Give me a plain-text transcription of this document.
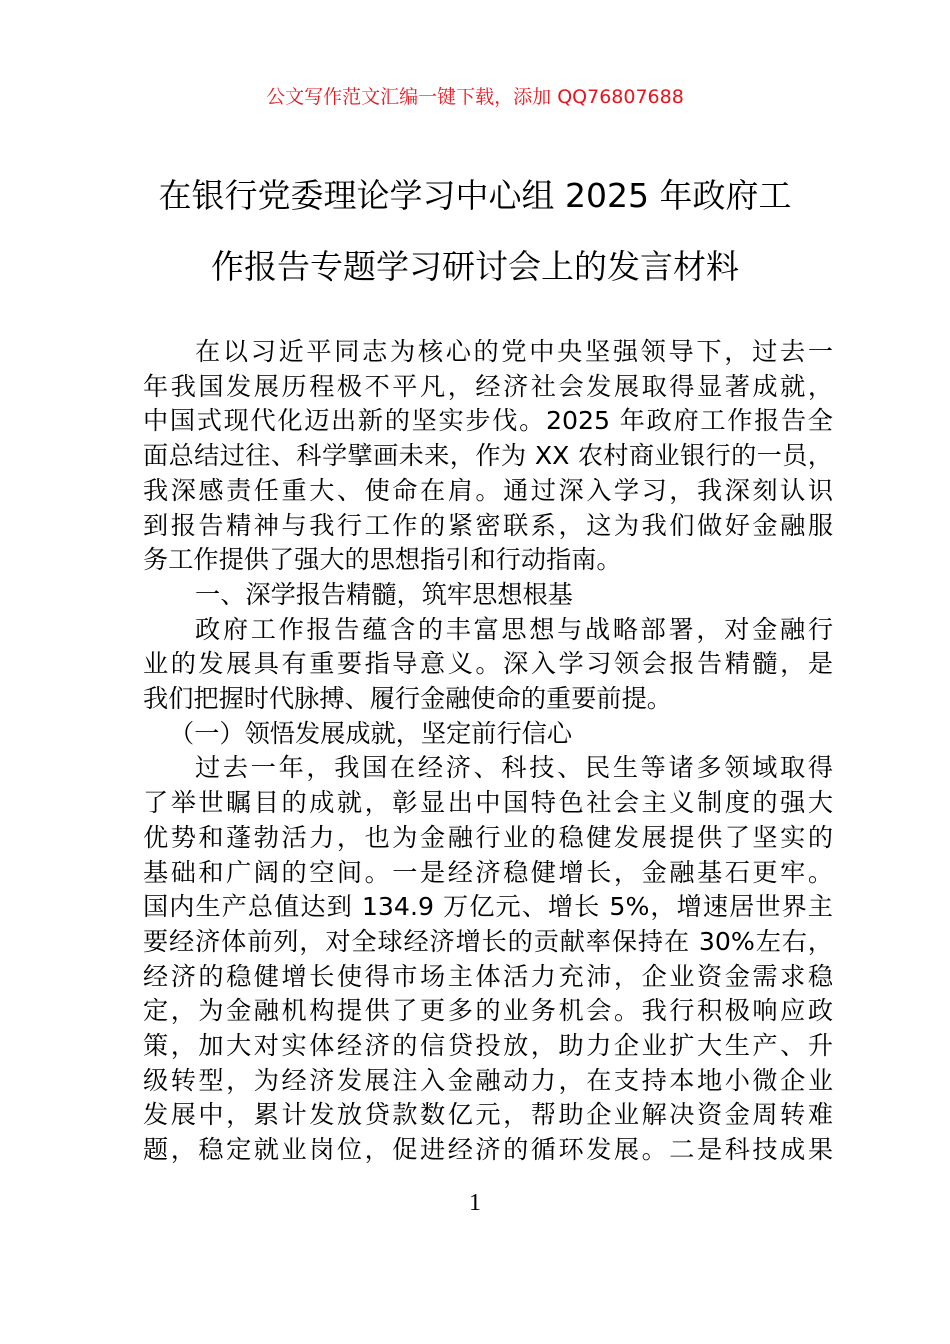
公文写作范文汇编一键下载，添加 QQ76807688
在银行党委理论学习中心组 2025 年政府工
作报告专题学习研讨会上的发言材料

在以习近平同志为核心的党中央坚强领导下，过去一
年我国发展历程极不平凡，经济社会发展取得显著成就，
中国式现代化迈出新的坚实步伐。2025 年政府工作报告全
面总结过往、科学擘画未来，作为 XX 农村商业银行的一员，
我深感责任重大、使命在肩。通过深入学习，我深刻认识
到报告精神与我行工作的紧密联系，这为我们做好金融服
务工作提供了强大的思想指引和行动指南。

一、深学报告精髓，筑牢思想根基

政府工作报告蕴含的丰富思想与战略部署，对金融行
业的发展具有重要指导意义。深入学习领会报告精髓，是
我们把握时代脉搏、履行金融使命的重要前提。

（一）领悟发展成就，坚定前行信心

过去一年，我国在经济、科技、民生等诸多领域取得
了举世瞩目的成就，彰显出中国特色社会主义制度的强大
优势和蓬勃活力，也为金融行业的稳健发展提供了坚实的
基础和广阔的空间。一是经济稳健增长，金融基石更牢。
国内生产总值达到 134.9 万亿元、增长 5%，增速居世界主
要经济体前列，对全球经济增长的贡献率保持在 30%左右，
经济的稳健增长使得市场主体活力充沛，企业资金需求稳
定，为金融机构提供了更多的业务机会。我行积极响应政
策，加大对实体经济的信贷投放，助力企业扩大生产、升
级转型，为经济发展注入金融动力，在支持本地小微企业
发展中，累计发放贷款数亿元，帮助企业解决资金周转难
题，稳定就业岗位，促进经济的循环发展。二是科技成果

1
